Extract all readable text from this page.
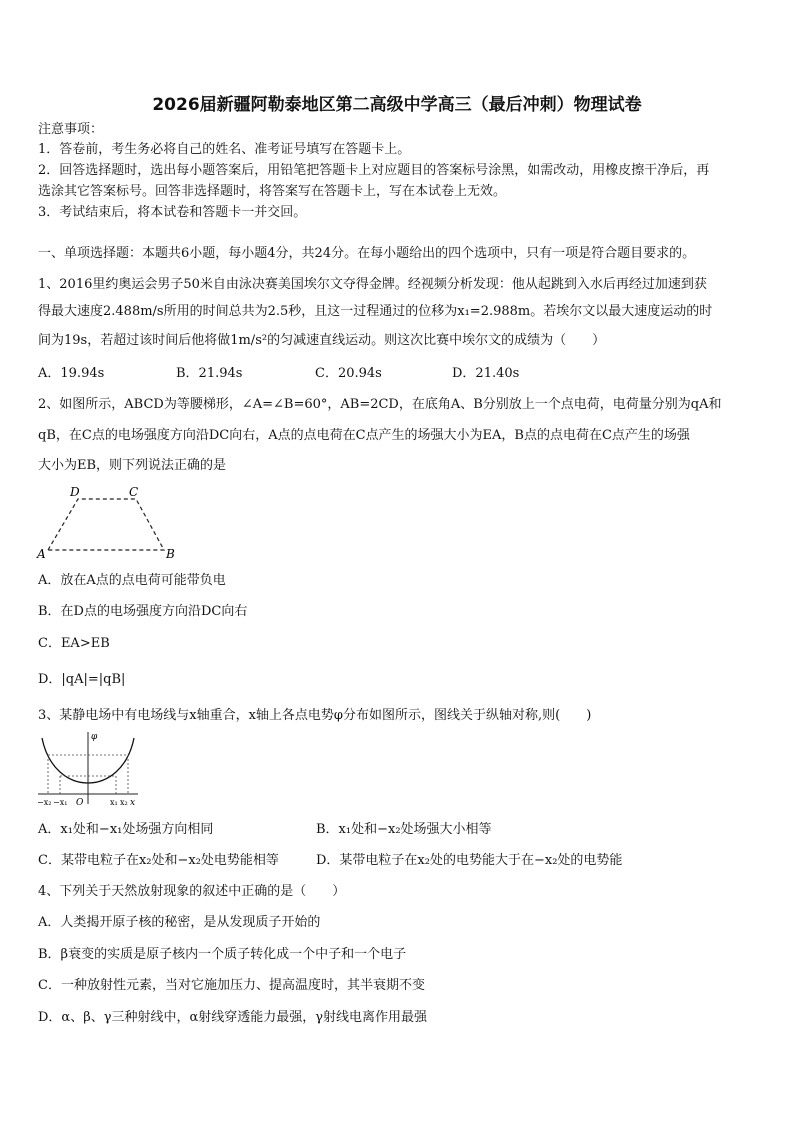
2026届新疆阿勒泰地区第二高级中学高三（最后冲刺）物理试卷
注意事项：
1．答卷前，考生务必将自己的姓名、准考证号填写在答题卡上。
2．回答选择题时，选出每小题答案后，用铅笔把答题卡上对应题目的答案标号涂黑，如需改动，用橡皮擦干净后，再
选涂其它答案标号。回答非选择题时，将答案写在答题卡上，写在本试卷上无效。
3．考试结束后，将本试卷和答题卡一并交回。
一、单项选择题：本题共6小题，每小题4分，共24分。在每小题给出的四个选项中，只有一项是符合题目要求的。
1、2016里约奥运会男子50米自由泳决赛美国埃尔文夺得金牌。经视频分析发现：他从起跳到入水后再经过加速到获
得最大速度2.488m/s所用的时间总共为2.5秒，且这一过程通过的位移为x₁=2.988m。若埃尔文以最大速度运动的时
间为19s，若超过该时间后他将做1m/s²的匀减速直线运动。则这次比赛中埃尔文的成绩为（　　）
A．19.94s	B．21.94s	C．20.94s	D．21.40s
2、如图所示，ABCD为等腰梯形，∠A=∠B=60°，AB=2CD，在底角A、B分别放上一个点电荷，电荷量分别为qA和
qB，在C点的电场强度方向沿DC向右，A点的点电荷在C点产生的场强大小为EA，B点的点电荷在C点产生的场强
大小为EB，则下列说法正确的是
A	B
C
D
A．放在A点的点电荷可能带负电
B．在D点的电场强度方向沿DC向右
C．EA>EB
D．|qA|=|qB|
3、某静电场中有电场线与x轴重合，x轴上各点电势φ分布如图所示，图线关于纵轴对称,则(　　)
φ
x
O
−x₂ −x₁	x₁ x₂
A．x₁处和−x₁处场强方向相同	B．x₁处和−x₂处场强大小相等
C．某带电粒子在x₂处和−x₂处电势能相等	D．某带电粒子在x₂处的电势能大于在−x₂处的电势能
4、下列关于天然放射现象的叙述中正确的是（　　）
A．人类揭开原子核的秘密，是从发现质子开始的
B．β衰变的实质是原子核内一个质子转化成一个中子和一个电子
C．一种放射性元素，当对它施加压力、提高温度时，其半衰期不变
D．α、β、γ三种射线中，α射线穿透能力最强，γ射线电离作用最强
